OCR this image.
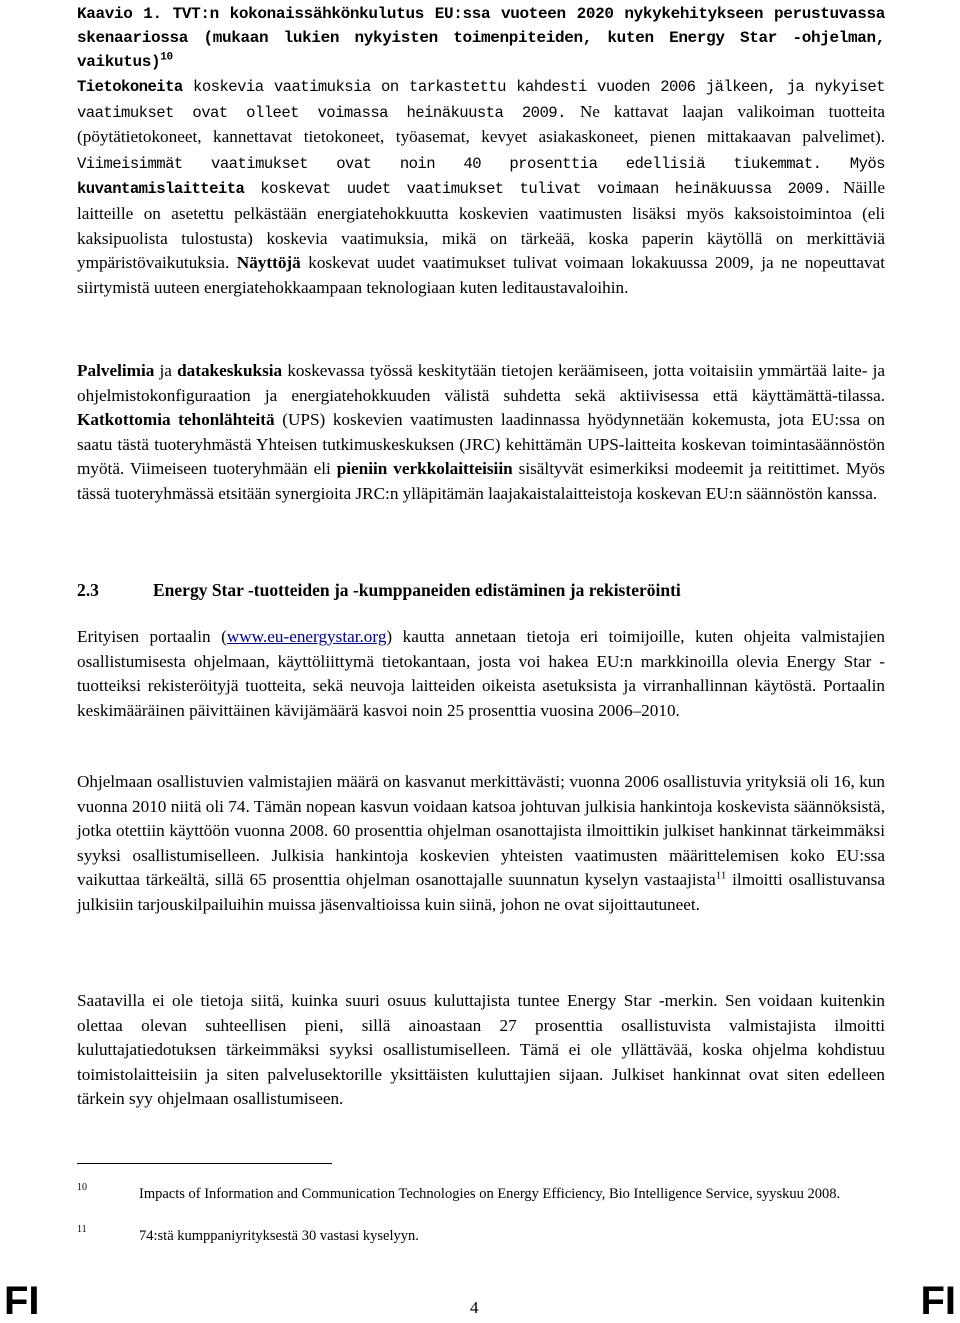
Kaavio 1. TVT:n kokonaissähkönkulutus EU:ssa vuoteen 2020 nykykehitykseen perustuvassa skenaariossa (mukaan lukien nykyisten toimenpiteiden, kuten Energy Star -ohjelman, vaikutus)$^{10}$

Tietokoneita koskevia vaatimuksia on tarkastettu kahdesti vuoden 2006 jälkeen, ja nykyiset vaatimukset ovat olleet voimassa heinäkuusta 2009. Ne kattavat laajan valikoiman tuotteita (pöytätietokoneet, kannettavat tietokoneet, työasemat, kevyet asiakaskoneet, pienen mittakaavan palvelimet). Viimeisimmät vaatimukset ovat noin 40 prosenttia edellisiä tiukemmat. Myös kuvantamislaitteita koskevat uudet vaatimukset tulivat voimaan heinäkuussa 2009. Näille laitteille on asetettu pelkästään energiatehokkuutta koskevien vaatimusten lisäksi myös kaksoistoimintoa (eli kaksipuolista tulostusta) koskevia vaatimuksia, mikä on tärkeää, koska paperin käytöllä on merkittäviä ympäristövaikutuksia. Näyttöjä koskevat uudet vaatimukset tulivat voimaan lokakuussa 2009, ja ne nopeuttavat siirtymistä uuteen energiatehokkaampaan teknologiaan kuten leditaustavaloihin.

Palvelimia ja datakeskuksia koskevassa työssä keskitytään tietojen keräämiseen, jotta voitaisiin ymmärtää laite- ja ohjelmistokonfiguraation ja energiatehokkuuden välistä suhdetta sekä aktiivisessa että käyttämättä-tilassa. Katkottomia tehonlähteitä (UPS) koskevien vaatimusten laadinnassa hyödynnetään kokemusta, jota EU:ssa on saatu tästä tuoteryhmästä Yhteisen tutkimuskeskuksen (JRC) kehittämän UPS-laitteita koskevan toimintasäännöstön myötä. Viimeiseen tuoteryhmään eli pieniin verkkolaitteisiin sisältyvät esimerkiksi modeemit ja reitittimet. Myös tässä tuoteryhmässä etsitään synergioita JRC:n ylläpitämän laajakaistalaitteistoja koskevan EU:n säännöstön kanssa.

2.3	Energy Star -tuotteiden ja -kumppaneiden edistäminen ja rekisteröinti

Erityisen portaalin (www.eu-energystar.org) kautta annetaan tietoja eri toimijoille, kuten ohjeita valmistajien osallistumisesta ohjelmaan, käyttöliittymä tietokantaan, josta voi hakea EU:n markkinoilla olevia Energy Star -tuotteiksi rekisteröityjä tuotteita, sekä neuvoja laitteiden oikeista asetuksista ja virranhallinnan käytöstä. Portaalin keskimääräinen päivittäinen kävijämäärä kasvoi noin 25 prosenttia vuosina 2006–2010.

Ohjelmaan osallistuvien valmistajien määrä on kasvanut merkittävästi; vuonna 2006 osallistuvia yrityksiä oli 16, kun vuonna 2010 niitä oli 74. Tämän nopean kasvun voidaan katsoa johtuvan julkisia hankintoja koskevista säännöksistä, jotka otettiin käyttöön vuonna 2008. 60 prosenttia ohjelman osanottajista ilmoittikin julkiset hankinnat tärkeimmäksi syyksi osallistumiselleen. Julkisia hankintoja koskevien yhteisten vaatimusten määrittelemisen koko EU:ssa vaikuttaa tärkeältä, sillä 65 prosenttia ohjelman osanottajalle suunnatun kyselyn vastaajista$^{11}$ ilmoitti osallistuvansa julkisiin tarjouskilpailuihin muissa jäsenvaltioissa kuin siinä, johon ne ovat sijoittautuneet.

Saatavilla ei ole tietoja siitä, kuinka suuri osuus kuluttajista tuntee Energy Star -merkin. Sen voidaan kuitenkin olettaa olevan suhteellisen pieni, sillä ainoastaan 27 prosenttia osallistuvista valmistajista ilmoitti kuluttajatiedotuksen tärkeimmäksi syyksi osallistumiselleen. Tämä ei ole yllättävää, koska ohjelma kohdistuu toimistolaitteisiin ja siten palvelusektorille yksittäisten kuluttajien sijaan. Julkiset hankinnat ovat siten edelleen tärkein syy ohjelmaan osallistumiseen.

10	Impacts of Information and Communication Technologies on Energy Efficiency, Bio Intelligence Service, syyskuu 2008.
11	74:stä kumppaniyrityksestä 30 vastasi kyselyyn.
FI	4	FI
